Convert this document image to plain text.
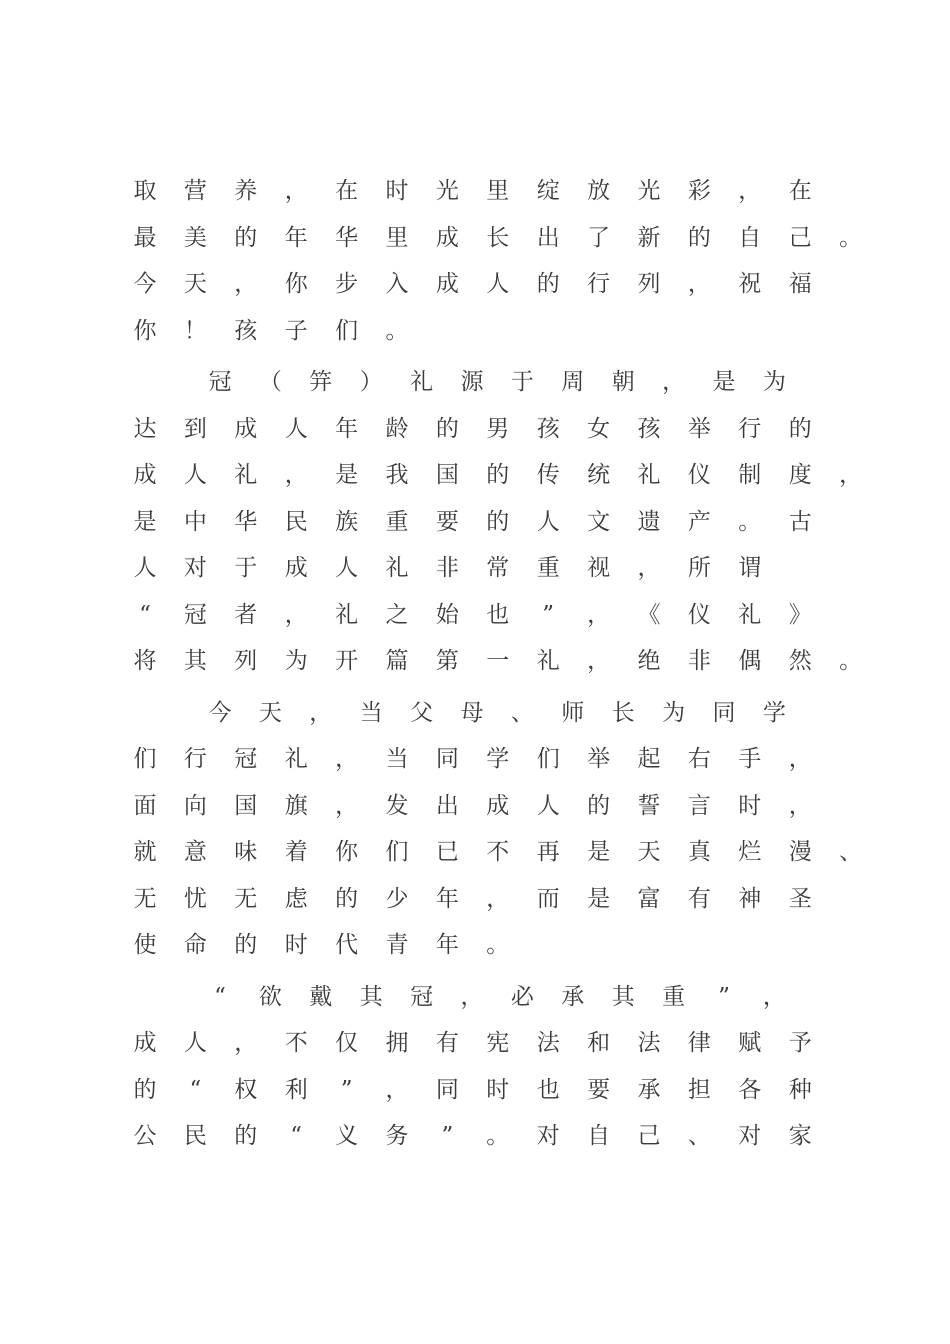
取 营 养 ， 在 时 光 里 绽 放 光 彩 ， 在
最 美 的 年 华 里 成 长 出 了 新 的 自 己 。
今 天 ， 你 步 入 成 人 的 行 列 ， 祝 福
你 ！ 孩 子 们 。
冠 （ 笄 ） 礼 源 于 周 朝 ， 是 为
达 到 成 人 年 龄 的 男 孩 女 孩 举 行 的
成 人 礼 ， 是 我 国 的 传 统 礼 仪 制 度 ，
是 中 华 民 族 重 要 的 人 文 遗 产 。 古
人 对 于 成 人 礼 非 常 重 视 ， 所 谓
“	冠 者 ， 礼 之 始 也	”	， 《 仪 礼 》
将 其 列 为 开 篇 第 一 礼 ， 绝 非 偶 然 。
今 天 ， 当 父 母 、 师 长 为 同 学
们 行 冠 礼 ， 当 同 学 们 举 起 右 手 ，
面 向 国 旗 ， 发 出 成 人 的 誓 言 时 ，
就 意 味 着 你 们 已 不 再 是 天 真 烂 漫 、
无 忧 无 虑 的 少 年 ， 而 是 富 有 神 圣
使 命 的 时 代 青 年 。
“	欲 戴 其 冠 ， 必 承 其 重	”	，
成 人 ， 不 仅 拥 有 宪 法 和 法 律 赋 予
的	“	权 利	”	， 同 时 也 要 承 担 各 种
公 民 的	“	义 务	”	。 对 自 己 、 对 家
